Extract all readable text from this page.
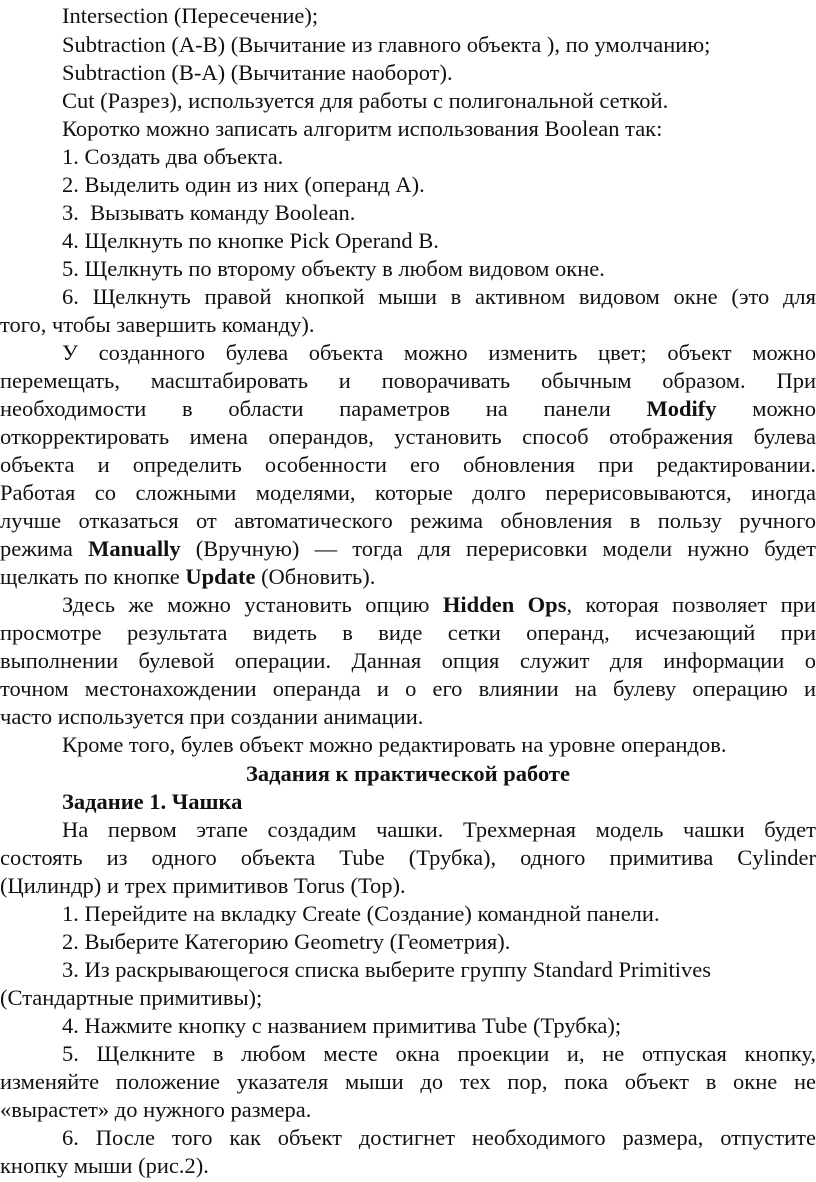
Intersection (Пересечение);
Subtraction (A-B) (Вычитание из главного объекта ), по умолчанию;
Subtraction (B-A) (Вычитание наоборот).
Cut (Разрез), используется для работы с полигональной сеткой.
Коротко можно записать алгоритм использования Boolean так:
1. Создать два объекта.
2. Выделить один из них (операнд A).
3.  Вызывать команду Boolean.
4. Щелкнуть по кнопке Pick Operand B.
5. Щелкнуть по второму объекту в любом видовом окне.
6. Щелкнуть правой кнопкой мыши в активном видовом окне (это для
того, чтобы завершить команду).
У созданного булева объекта можно изменить цвет; объект можно
перемещать, масштабировать и поворачивать обычным образом. При
необходимости в области параметров на панели Modify можно
откорректировать имена операндов, установить способ отображения булева
объекта и определить особенности его обновления при редактировании.
Работая со сложными моделями, которые долго перерисовываются, иногда
лучше отказаться от автоматического режима обновления в пользу ручного
режима Manually (Вручную) — тогда для перерисовки модели нужно будет
щелкать по кнопке Update (Обновить).
Здесь же можно установить опцию Hidden Ops, которая позволяет при
просмотре результата видеть в виде сетки операнд, исчезающий при
выполнении булевой операции. Данная опция служит для информации о
точном местонахождении операнда и о его влиянии на булеву операцию и
часто используется при создании анимации.
Кроме того, булев объект можно редактировать на уровне операндов.
Задания к практической работе
Задание 1. Чашка
На первом этапе создадим чашки. Трехмерная модель чашки будет
состоять из одного объекта Tube (Трубка), одного примитива Cylinder
(Цилиндр) и трех примитивов Torus (Тор).
1. Перейдите на вкладку Create (Создание) командной панели.
2. Выберите Категорию Geometry (Геометрия).
3. Из раскрывающегося списка выберите группу Standard Primitives
(Стандартные примитивы);
4. Нажмите кнопку с названием примитива Tube (Трубка);
5. Щелкните в любом месте окна проекции и, не отпуская кнопку,
изменяйте положение указателя мыши до тех пор, пока объект в окне не
«вырастет» до нужного размера.
6. После того как объект достигнет необходимого размера, отпустите
кнопку мыши (рис.2).
